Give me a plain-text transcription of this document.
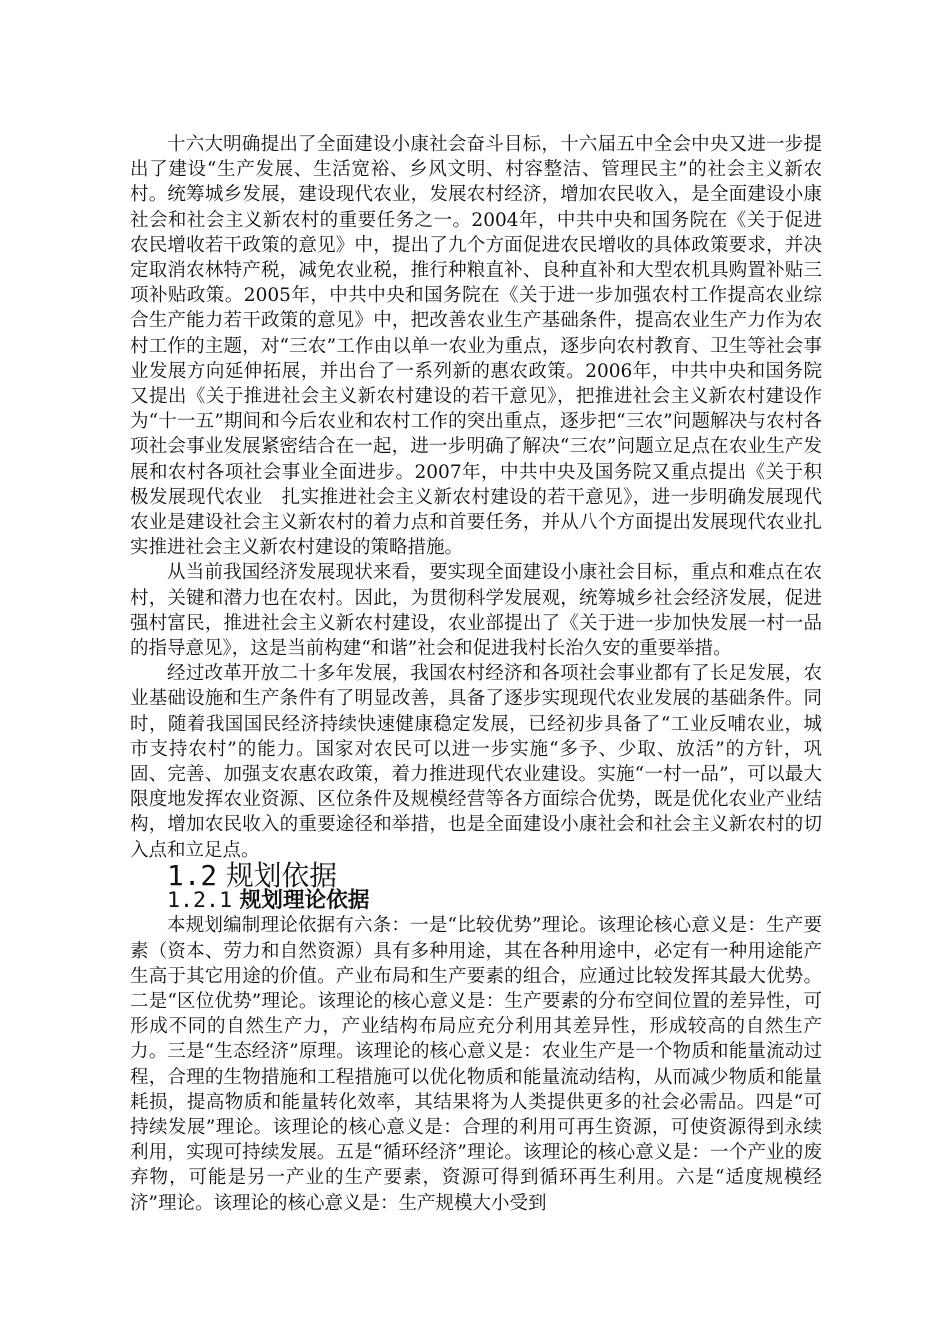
十六大明确提出了全面建设小康社会奋斗目标，十六届五中全会中央又进一步提出了建设“生产发展、生活宽裕、乡风文明、村容整洁、管理民主”的社会主义新农村。统筹城乡发展，建设现代农业，发展农村经济，增加农民收入，是全面建设小康社会和社会主义新农村的重要任务之一。2004年，中共中央和国务院在《关于促进农民增收若干政策的意见》中，提出了九个方面促进农民增收的具体政策要求，并决定取消农林特产税，减免农业税，推行种粮直补、良种直补和大型农机具购置补贴三项补贴政策。2005年，中共中央和国务院在《关于进一步加强农村工作提高农业综合生产能力若干政策的意见》中，把改善农业生产基础条件，提高农业生产力作为农村工作的主题，对“三农”工作由以单一农业为重点，逐步向农村教育、卫生等社会事业发展方向延伸拓展，并出台了一系列新的惠农政策。2006年，中共中央和国务院又提出《关于推进社会主义新农村建设的若干意见》，把推进社会主义新农村建设作为“十一五”期间和今后农业和农村工作的突出重点，逐步把“三农”问题解决与农村各项社会事业发展紧密结合在一起，进一步明确了解决“三农”问题立足点在农业生产发展和农村各项社会事业全面进步。2007年，中共中央及国务院又重点提出《关于积极发展现代农业　扎实推进社会主义新农村建设的若干意见》，进一步明确发展现代农业是建设社会主义新农村的着力点和首要任务，并从八个方面提出发展现代农业扎实推进社会主义新农村建设的策略措施。

从当前我国经济发展现状来看，要实现全面建设小康社会目标，重点和难点在农村，关键和潜力也在农村。因此，为贯彻科学发展观，统筹城乡社会经济发展，促进强村富民，推进社会主义新农村建设，农业部提出了《关于进一步加快发展一村一品的指导意见》，这是当前构建“和谐”社会和促进我村长治久安的重要举措。

经过改革开放二十多年发展，我国农村经济和各项社会事业都有了长足发展，农业基础设施和生产条件有了明显改善，具备了逐步实现现代农业发展的基础条件。同时，随着我国国民经济持续快速健康稳定发展，已经初步具备了“工业反哺农业，城市支持农村”的能力。国家对农民可以进一步实施“多予、少取、放活”的方针，巩固、完善、加强支农惠农政策，着力推进现代农业建设。实施“一村一品”，可以最大限度地发挥农业资源、区位条件及规模经营等各方面综合优势，既是优化农业产业结构，增加农民收入的重要途径和举措，也是全面建设小康社会和社会主义新农村的切入点和立足点。

1.2 规划依据
1.2.1 规划理论依据

本规划编制理论依据有六条：一是“比较优势”理论。该理论核心意义是：生产要素（资本、劳力和自然资源）具有多种用途，其在各种用途中，必定有一种用途能产生高于其它用途的价值。产业布局和生产要素的组合，应通过比较发挥其最大优势。二是“区位优势”理论。该理论的核心意义是：生产要素的分布空间位置的差异性，可形成不同的自然生产力，产业结构布局应充分利用其差异性，形成较高的自然生产力。三是“生态经济”原理。该理论的核心意义是：农业生产是一个物质和能量流动过程，合理的生物措施和工程措施可以优化物质和能量流动结构，从而减少物质和能量耗损，提高物质和能量转化效率，其结果将为人类提供更多的社会必需品。四是“可持续发展”理论。该理论的核心意义是：合理的利用可再生资源，可使资源得到永续利用，实现可持续发展。五是“循环经济”理论。该理论的核心意义是：一个产业的废弃物，可能是另一产业的生产要素，资源可得到循环再生利用。六是“适度规模经济”理论。该理论的核心意义是：生产规模大小受到
